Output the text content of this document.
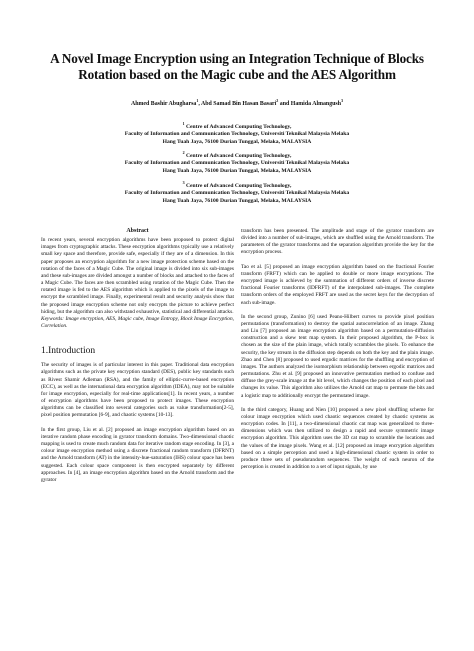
A Novel Image Encryption using an Integration Technique of Blocks Rotation based on the Magic cube and the AES Algorithm
Ahmed Bashir Abugharsa$^1$, Abd Samad Bin Hasan Basari$^2$ and Hamida Almangush$^3$
$^1$ Centre of Advanced Computing Technology,
Faculty of Information and Communication Technology, Universiti Teknikal Malaysia Melaka
Hang Tuah Jaya, 76100 Durian Tunggal, Melaka, MALAYSIA
$^2$ Centre of Advanced Computing Technology,
Faculty of Information and Communication Technology, Universiti Teknikal Malaysia Melaka
Hang Tuah Jaya, 76100 Durian Tunggal, Melaka, MALAYSIA
$^3$ Centre of Advanced Computing Technology,
Faculty of Information and Communication Technology, Universiti Teknikal Malaysia Melaka
Hang Tuah Jaya, 76100 Durian Tunggal, Melaka, MALAYSIA
Abstract

In recent years, several encryption algorithms have been proposed to protect digital images from cryptographic attacks. These encryption algorithms typically use a relatively small key space and therefore, provide safe, especially if they are of a dimension. In this paper proposes an encryption algorithm for a new image protection scheme based on the rotation of the faces of a Magic Cube. The original image is divided into six sub-images and these sub-images are divided amongst a number of blocks and attached to the faces of a Magic Cube. The faces are then scrambled using rotation of the Magic Cube. Then the rotated image is fed to the AES algorithm which is applied to the pixels of the image to encrypt the scrambled image. Finally, experimental result and security analysis show that the proposed image encryption scheme not only encrypts the picture to achieve perfect hiding, but the algorithm can also withstand exhaustive, statistical and differential attacks.

Keywords: Image encryption, AES, Magic cube, Image Entropy, Block Image Encryption, Correlation.

1.Introduction

The security of images is of particular interest in this paper. Traditional data encryption algorithms such as the private key encryption standard (DES), public key standards such as Rivest Shamir Adleman (RSA), and the family of elliptic-curve-based encryption (ECC), as well as the international data encryption algorithm (IDEA), may not be suitable for image encryption, especially for real-time applications[1]. In recent years, a number of encryption algorithms have been proposed to protect images. These encryption algorithms can be classified into several categories such as value transformation[2-5], pixel position permutation [6-9], and chaotic systems [10-13].

In the first group, Liu et al. [2] proposed an image encryption algorithm based on an iterative random phase encoding in gyrator transform domains. Two-dimensional chaotic mapping is used to create much random data for iterative random stage encoding. In [3], a colour image encryption method using a discrete fractional random transform (DFRNT) and the Arnold transform (AT) in the intensity-hue-saturation (IHS) colour space has been suggested. Each colour space component is then encrypted separately by different approaches. In [4], an image encryption algorithm based on the Arnold transform and the gyrator

transform has been presented. The amplitude and stage of the gyrator transform are divided into a number of sub-images, which are shuffled using the Arnold transform. The parameters of the gyrator transforms and the separation algorithm provide the key for the encryption process.

Tao et al. [5] proposed an image encryption algorithm based on the fractional Fourier transform (FRFT) which can be applied to double or more image encryptions. The encrypted image is achieved by the summation of different orders of inverse discrete fractional Fourier transforms (IDFRFT) of the interpolated sub-images. The complete transform orders of the employed FRFT are used as the secret keys for the decryption of each sub-image.

In the second group, Zunino [6] used Peano-Hilbert curves to provide pixel position permutations (transformation) to destroy the spatial autocorrelation of an image. Zhang and Liu [7] proposed an image encryption algorithm based on a permutation-diffusion construction and a skew tent map system. In their proposed algorithm, the P-box is chosen as the size of the plain image, which totally scrambles the pixels. To enhance the security, the key stream in the diffusion step depends on both the key and the plain image. Zhao and Chen [8] proposed to used ergodic matrices for the shuffling and encryption of images. The authors analyzed the isomorphism relationship between ergodic matrices and permutations. Zhu et al. [9] proposed an innovative permutation method to confuse and diffuse the grey-scale image at the bit level, which changes the position of each pixel and changes its value. This algorithm also utilizes the Arnold cat map to permute the bits and a logistic map to additionally encrypt the permutated image.

In the third category, Huang and Nien [10] proposed a new pixel shuffling scheme for colour image encryption which used chaotic sequences created by chaotic systems as encryption codes. In [11], a two-dimensional chaotic cat map was generalized to three-dimensions which was then utilized to design a rapid and secure symmetric image encryption algorithm. This algorithm uses the 3D cat map to scramble the locations and the values of the image pixels. Wang et al. [12] proposed an image encryption algorithm based on a simple perception and used a high-dimensional chaotic system in order to produce three sets of pseudorandom sequences. The weight of each neuron of the perception is created in addition to a set of input signals, by use
